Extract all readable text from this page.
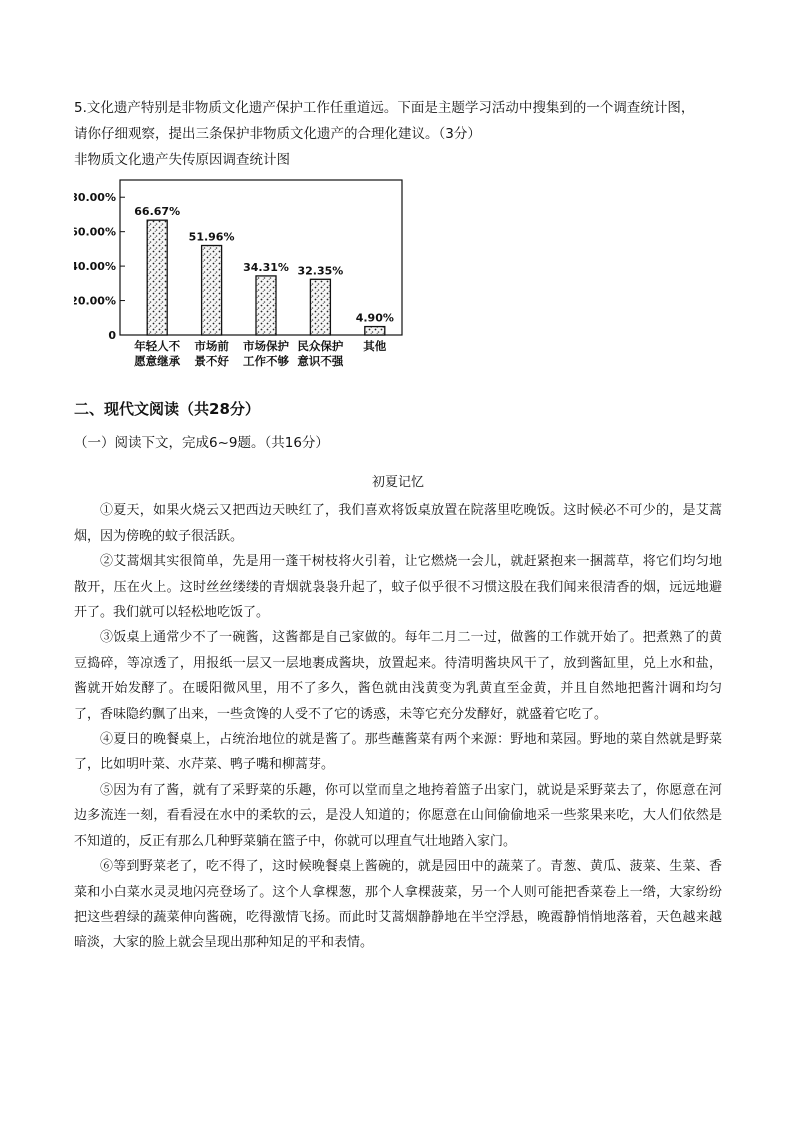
5.文化遗产特别是非物质文化遗产保护工作任重道远。下面是主题学习活动中搜集到的一个调查统计图，

请你仔细观察，提出三条保护非物质文化遗产的合理化建议。（3分）

非物质文化遗产失传原因调查统计图

80.00%
60.00%
40.00%
20.00%
0
66.67%
51.96%
34.31% 32.35%
4.90%
年轻人不
愿意继承
市场前
景不好
市场保护
工作不够
民众保护
意识不强
其他
二、现代文阅读（共28分）
（一）阅读下文，完成6~9题。（共16分）
初夏记忆

①夏天，如果火烧云又把西边天映红了，我们喜欢将饭桌放置在院落里吃晚饭。这时候必不可少的，是艾蒿烟，因为傍晚的蚊子很活跃。

②艾蒿烟其实很简单，先是用一蓬干树枝将火引着，让它燃烧一会儿，就赶紧抱来一捆蒿草，将它们均匀地散开，压在火上。这时丝丝缕缕的青烟就袅袅升起了，蚊子似乎很不习惯这股在我们闻来很清香的烟，远远地避开了。我们就可以轻松地吃饭了。

③饭桌上通常少不了一碗酱，这酱都是自己家做的。每年二月二一过，做酱的工作就开始了。把煮熟了的黄豆捣碎，等凉透了，用报纸一层又一层地裹成酱块，放置起来。待清明酱块风干了，放到酱缸里，兑上水和盐，酱就开始发酵了。在暖阳微风里，用不了多久，酱色就由浅黄变为乳黄直至金黄，并且自然地把酱汁调和均匀了，香味隐约飘了出来，一些贪馋的人受不了它的诱惑，未等它充分发酵好，就盛着它吃了。

④夏日的晚餐桌上，占统治地位的就是酱了。那些蘸酱菜有两个来源：野地和菜园。野地的菜自然就是野菜了，比如明叶菜、水芹菜、鸭子嘴和柳蒿芽。

⑤因为有了酱，就有了采野菜的乐趣，你可以堂而皇之地挎着篮子出家门，就说是采野菜去了，你愿意在河边多流连一刻，看看浸在水中的柔软的云，是没人知道的；你愿意在山间偷偷地采一些浆果来吃，大人们依然是不知道的，反正有那么几种野菜躺在篮子中，你就可以理直气壮地踏入家门。

⑥等到野菜老了，吃不得了，这时候晚餐桌上酱碗的，就是园田中的蔬菜了。青葱、黄瓜、菠菜、生菜、香菜和小白菜水灵灵地闪亮登场了。这个人拿棵葱，那个人拿棵菠菜，另一个人则可能把香菜卷上一绺，大家纷纷把这些碧绿的蔬菜伸向酱碗，吃得激情飞扬。而此时艾蒿烟静静地在半空浮悬，晚霞静悄悄地落着，天色越来越暗淡，大家的脸上就会呈现出那种知足的平和表情。
